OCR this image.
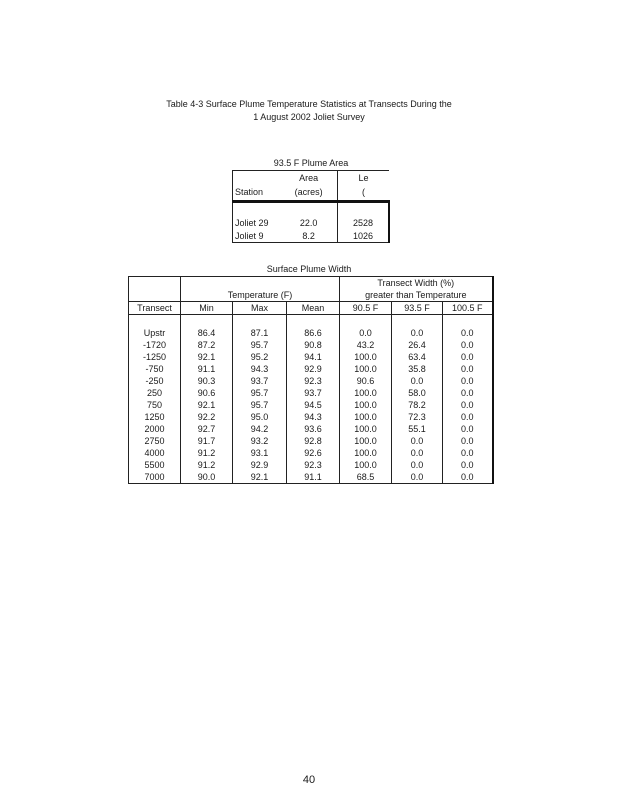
Table 4-3 Surface Plume Temperature Statistics at Transects During the
1 August 2002 Joliet Survey
93.5 F Plume Area
	Area	Le
Station	(acres)	(

Joliet 29	22.0	2528
Joliet 9	8.2	1026
Surface Plume Width
				Transect Width (%)		
	Temperature (F)			greater than Temperature		
Transect	Min	Max	Mean	90.5 F	93.5 F	100.5 F

Upstr	86.4	87.1	86.6	0.0	0.0	0.0
-1720	87.2	95.7	90.8	43.2	26.4	0.0
-1250	92.1	95.2	94.1	100.0	63.4	0.0
-750	91.1	94.3	92.9	100.0	35.8	0.0
-250	90.3	93.7	92.3	90.6	0.0	0.0
250	90.6	95.7	93.7	100.0	58.0	0.0
750	92.1	95.7	94.5	100.0	78.2	0.0
1250	92.2	95.0	94.3	100.0	72.3	0.0
2000	92.7	94.2	93.6	100.0	55.1	0.0
2750	91.7	93.2	92.8	100.0	0.0	0.0
4000	91.2	93.1	92.6	100.0	0.0	0.0
5500	91.2	92.9	92.3	100.0	0.0	0.0
7000	90.0	92.1	91.1	68.5	0.0	0.0
40
